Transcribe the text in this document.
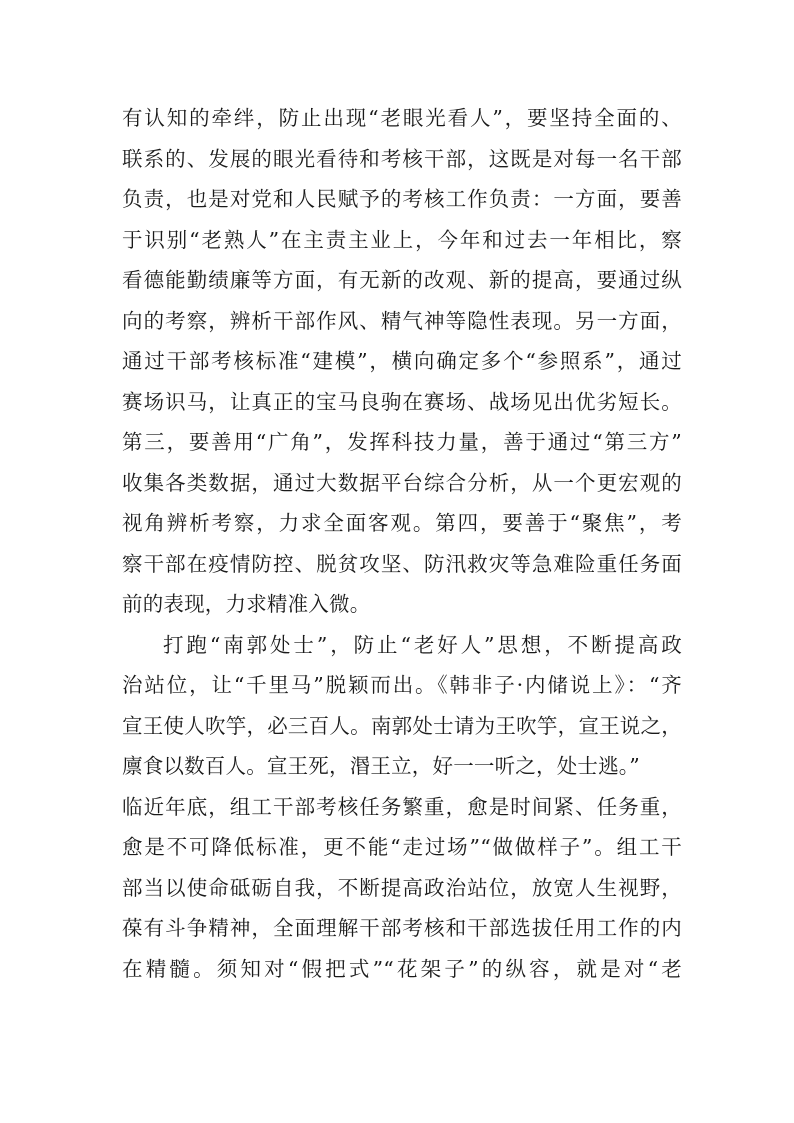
有认知的牵绊，防止出现“老眼光看人”，要坚持全面的、
联系的、发展的眼光看待和考核干部，这既是对每一名干部
负责，也是对党和人民赋予的考核工作负责：一方面，要善
于识别“老熟人”在主责主业上，今年和过去一年相比，察
看德能勤绩廉等方面，有无新的改观、新的提高，要通过纵
向的考察，辨析干部作风、精气神等隐性表现。另一方面，
通过干部考核标准“建模”，横向确定多个“参照系”，通过
赛场识马，让真正的宝马良驹在赛场、战场见出优劣短长。
第三，要善用“广角”，发挥科技力量，善于通过“第三方”
收集各类数据，通过大数据平台综合分析，从一个更宏观的
视角辨析考察，力求全面客观。第四，要善于“聚焦”，考
察干部在疫情防控、脱贫攻坚、防汛救灾等急难险重任务面
前的表现，力求精准入微。
打跑“南郭处士”，防止“老好人”思想，不断提高政
治站位，让“千里马”脱颖而出。《韩非子·内储说上》：“齐
宣王使人吹竽，必三百人。南郭处士请为王吹竽，宣王说之，
廪食以数百人。宣王死，湣王立，好一一听之，处士逃。”
临近年底，组工干部考核任务繁重，愈是时间紧、任务重，
愈是不可降低标准，更不能“走过场”“做做样子”。组工干
部当以使命砥砺自我，不断提高政治站位，放宽人生视野，
葆有斗争精神，全面理解干部考核和干部选拔任用工作的内
在精髓。须知对“假把式”“花架子”的纵容，就是对“老
